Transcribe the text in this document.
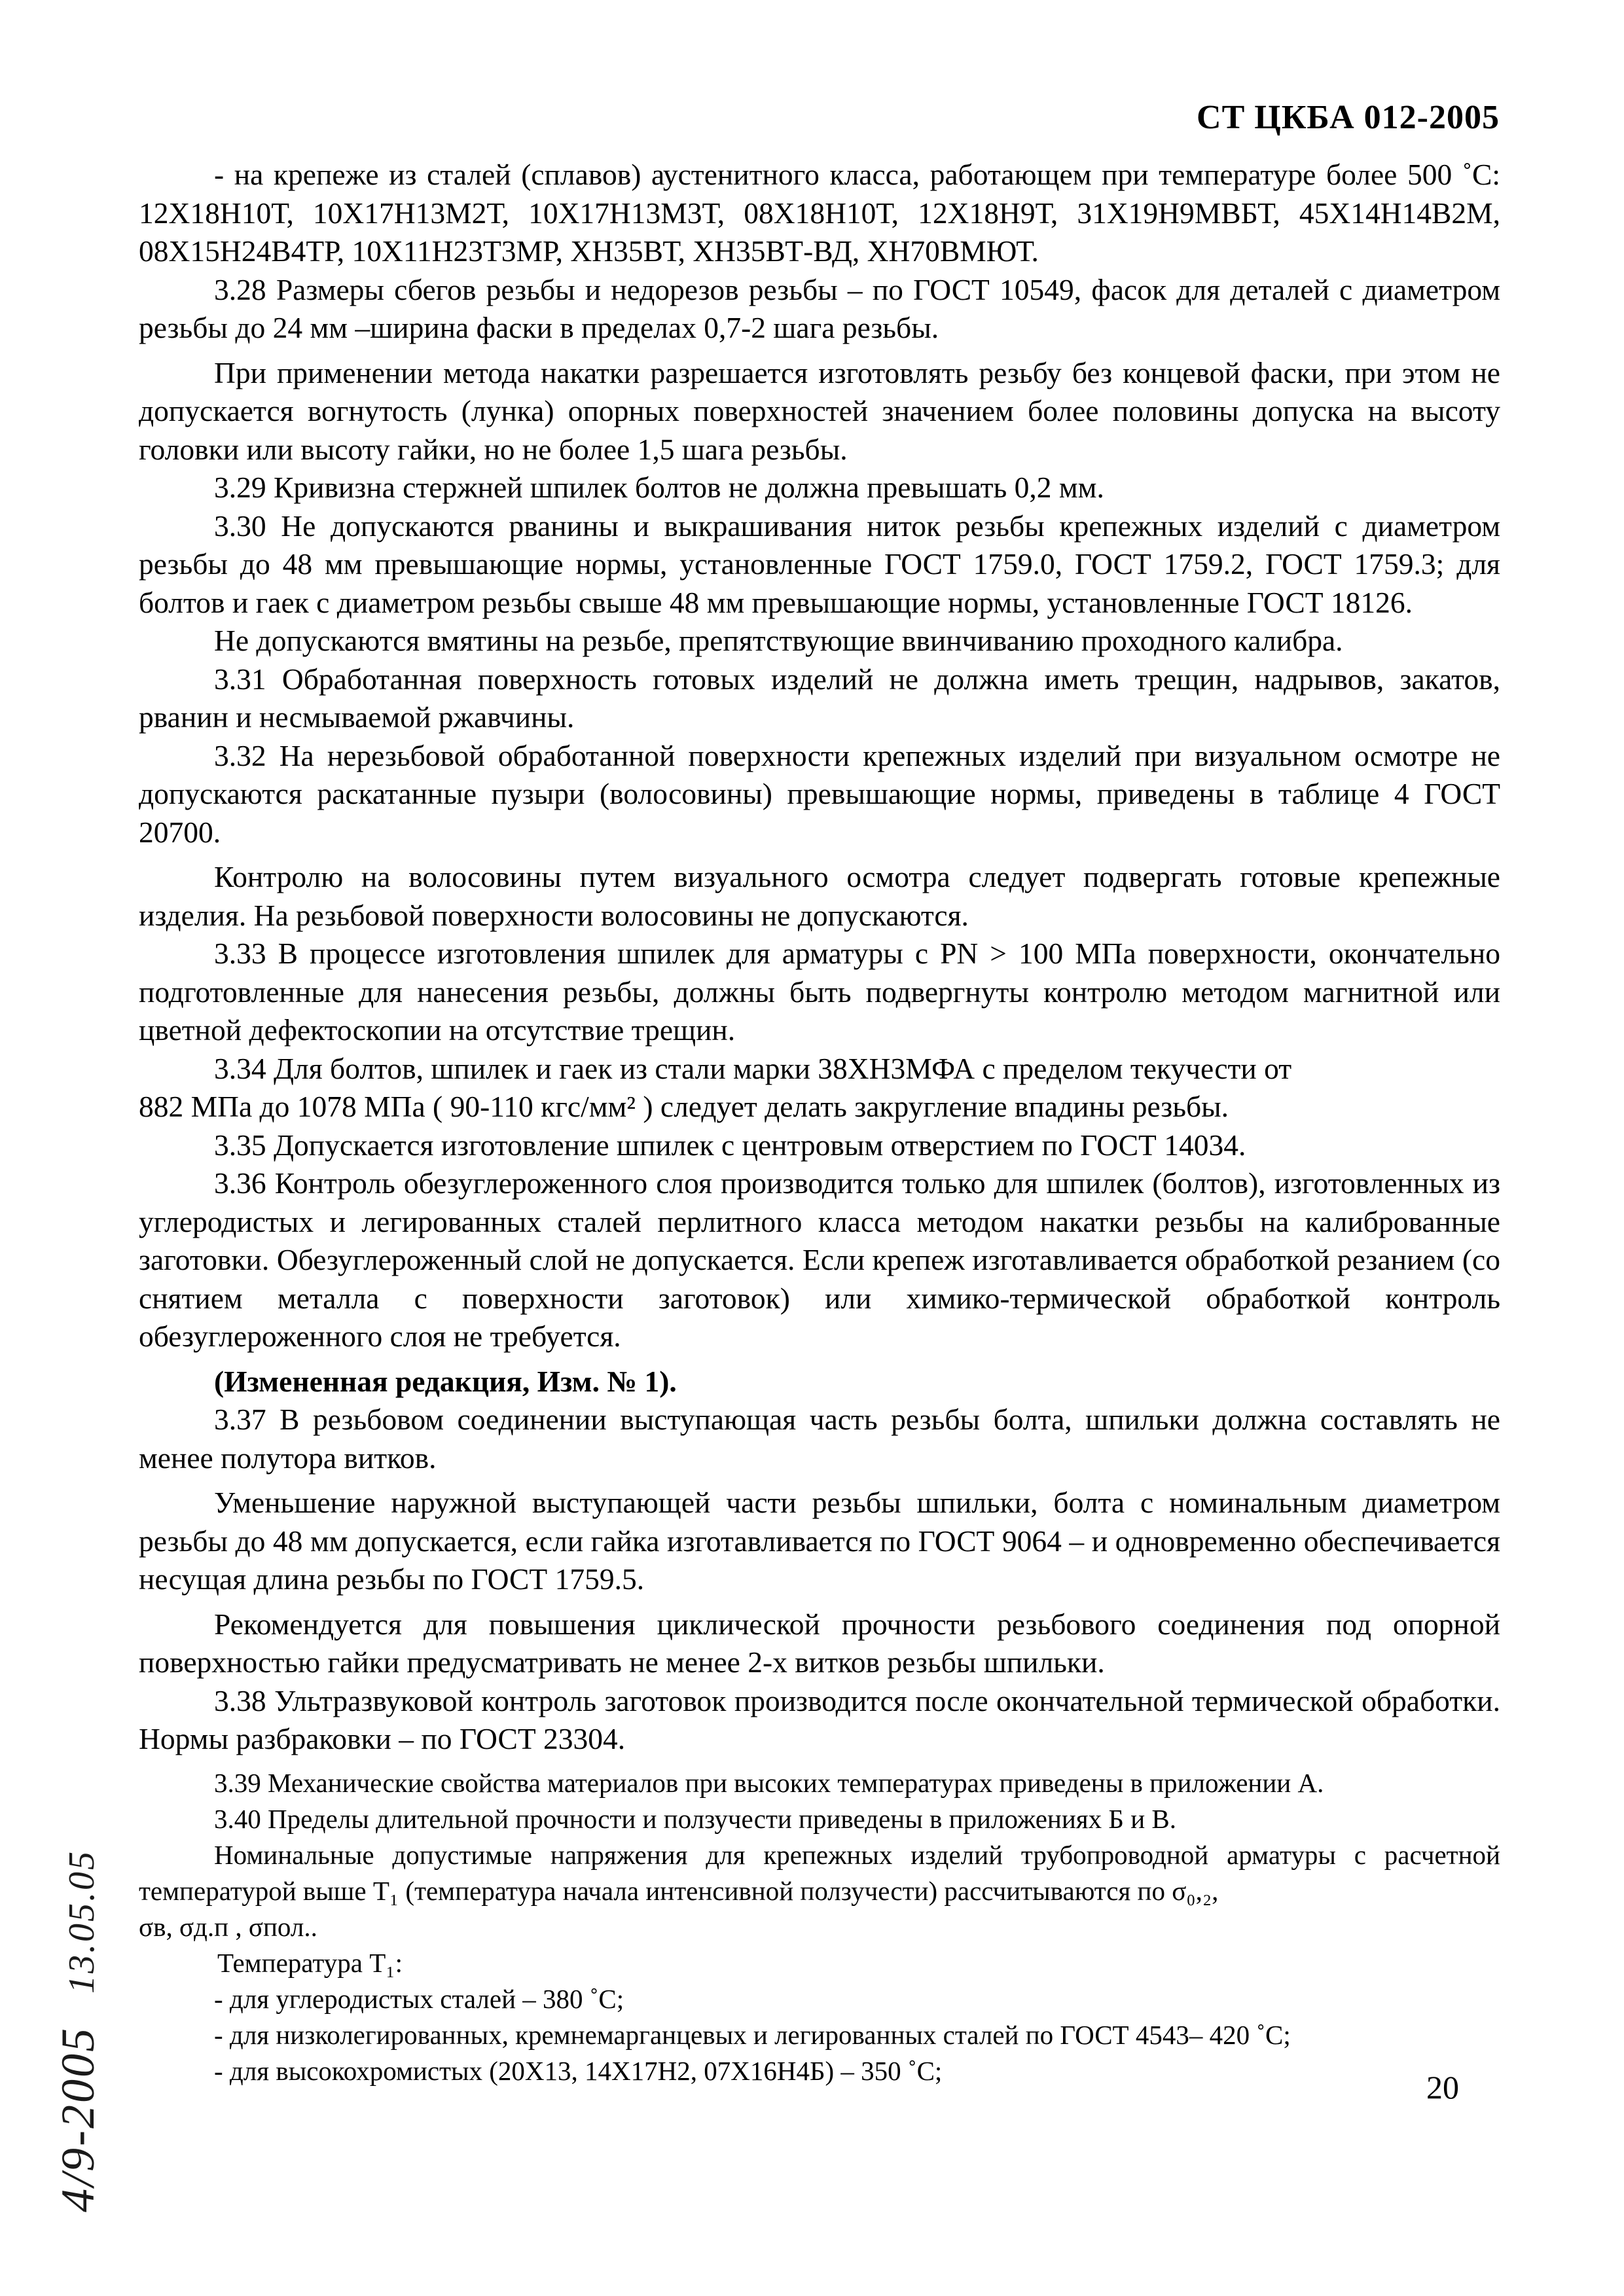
СТ ЦКБА 012-2005

- на крепеже из сталей (сплавов) аустенитного класса, работающем при температуре более 500 ˚С: 12Х18Н10Т, 10Х17Н13М2Т, 10Х17Н13М3Т, 08Х18Н10Т, 12Х18Н9Т, 31Х19Н9МВБТ, 45Х14Н14В2М, 08Х15Н24В4ТР, 10Х11Н23Т3МР, ХН35ВТ, ХН35ВТ-ВД, ХН70ВМЮТ.

3.28 Размеры сбегов резьбы и недорезов резьбы – по ГОСТ 10549, фасок для деталей с диаметром резьбы до 24 мм –ширина фаски в пределах 0,7-2 шага резьбы.

При применении метода накатки разрешается изготовлять резьбу без концевой фаски, при этом не допускается вогнутость (лунка) опорных поверхностей значением более половины допуска на высоту головки или высоту гайки, но не более 1,5 шага резьбы.

3.29 Кривизна стержней шпилек болтов не должна превышать 0,2 мм.

3.30 Не допускаются рванины и выкрашивания ниток резьбы крепежных изделий с диаметром резьбы до 48 мм превышающие нормы, установленные ГОСТ 1759.0, ГОСТ 1759.2, ГОСТ 1759.3; для болтов и гаек с диаметром резьбы свыше 48 мм превышающие нормы, установленные ГОСТ 18126.

Не допускаются вмятины на резьбе, препятствующие ввинчиванию проходного калибра.

3.31 Обработанная поверхность готовых изделий не должна иметь трещин, надрывов, закатов, рванин и несмываемой ржавчины.

3.32 На нерезьбовой обработанной поверхности крепежных изделий при визуальном осмотре не допускаются раскатанные пузыри (волосовины) превышающие нормы, приведены в таблице 4 ГОСТ 20700.

Контролю на волосовины путем визуального осмотра следует подвергать готовые крепежные изделия. На резьбовой поверхности волосовины не допускаются.

3.33 В процессе изготовления шпилек для арматуры с PN > 100 МПа поверхности, окончательно подготовленные для нанесения резьбы, должны быть подвергнуты контролю методом магнитной или цветной дефектоскопии на отсутствие трещин.

3.34 Для болтов, шпилек и гаек из стали марки 38ХН3МФА с пределом текучести от

882 МПа до 1078 МПа ( 90-110 кгс/мм² ) следует делать закругление впадины резьбы.

3.35 Допускается изготовление шпилек с центровым отверстием по ГОСТ 14034.

3.36 Контроль обезуглероженного слоя производится только для шпилек (болтов), изготовленных из углеродистых и легированных сталей перлитного класса методом накатки резьбы на калиброванные заготовки. Обезуглероженный слой не допускается. Если крепеж изготавливается обработкой резанием (со снятием металла с поверхности заготовок) или химико-термической обработкой контроль обезуглероженного слоя не требуется.

(Измененная редакция, Изм. № 1).

3.37 В резьбовом соединении выступающая часть резьбы болта, шпильки должна составлять не менее полутора витков.

Уменьшение наружной выступающей части резьбы шпильки, болта с номинальным диаметром резьбы до 48 мм допускается, если гайка изготавливается по ГОСТ 9064 – и одновременно обеспечивается несущая длина резьбы по ГОСТ 1759.5.

Рекомендуется для повышения циклической прочности резьбового соединения под опорной поверхностью гайки предусматривать не менее 2-х витков резьбы шпильки.

3.38 Ультразвуковой контроль заготовок производится после окончательной термической обработки. Нормы разбраковки – по ГОСТ 23304.

3.39 Механические свойства материалов при высоких температурах приведены в приложении А.

3.40 Пределы длительной прочности и ползучести приведены в приложениях Б и В.

Номинальные допустимые напряжения для крепежных изделий трубопроводной арматуры с расчетной температурой выше Т₁ (температура начала интенсивной ползучести) рассчитываются по σ₀,₂,

σв, σд.п , σпол..

Температура Т₁:

- для углеродистых сталей – 380 ˚С;

- для низколегированных, кремнемарганцевых и легированных сталей по ГОСТ 4543– 420 ˚С;

- для высокохромистых (20Х13, 14Х17Н2, 07Х16Н4Б) – 350 ˚С;	20
4/9-200513.05.05
